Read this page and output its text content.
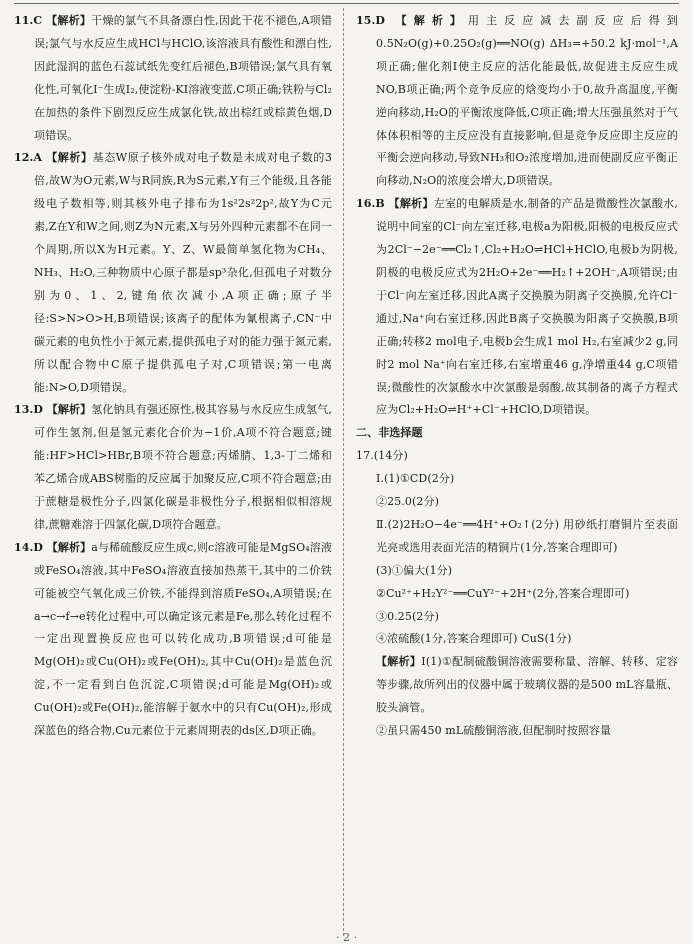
11.C 【解析】干燥的氯气不具备漂白性,因此干花不褪色,A项错误;氯气与水反应生成HCl与HClO,该溶液具有酸性和漂白性,因此湿润的蓝色石蕊试纸先变红后褪色,B项错误;氯气具有氧化性,可氧化I⁻生成I₂,使淀粉-KI溶液变蓝,C项正确;铁粉与Cl₂在加热的条件下剧烈反应生成氯化铁,故出棕红或棕黄色烟,D项错误。

12.A 【解析】基态W原子核外成对电子数是未成对电子数的3倍,故W为O元素,W与R同族,R为S元素,Y有三个能级,且各能级电子数相等,则其核外电子排布为1s²2s²2p²,故Y为C元素,Z在Y和W之间,则Z为N元素,X与另外四种元素都不在同一个周期,所以X为H元素。Y、Z、W最简单氢化物为CH₄、NH₃、H₂O,三种物质中心原子都是sp³杂化,但孤电子对数分别为0、1、2,键角依次减小,A项正确;原子半径:S>N>O>H,B项错误;该离子的配体为氰根离子,CN⁻中碳元素的电负性小于氮元素,提供孤电子对的能力强于氮元素,所以配合物中C原子提供孤电子对,C项错误;第一电离能:N>O,D项错误。

13.D 【解析】氢化钠具有强还原性,极其容易与水反应生成氢气,可作生氢剂,但是氢元素化合价为−1价,A项不符合题意;键能:HF>HCl>HBr,B项不符合题意;丙烯腈、1,3-丁二烯和苯乙烯合成ABS树脂的反应属于加聚反应,C项不符合题意;由于蔗糖是极性分子,四氯化碳是非极性分子,根据相似相溶规律,蔗糖难溶于四氯化碳,D项符合题意。

14.D 【解析】a与稀硫酸反应生成c,则c溶液可能是MgSO₄溶液或FeSO₄溶液,其中FeSO₄溶液直接加热蒸干,其中的二价铁可能被空气氧化成三价铁,不能得到溶质FeSO₄,A项错误;在a→c→f→e转化过程中,可以确定该元素是Fe,那么转化过程不一定出现置换反应也可以转化成功,B项错误;d可能是Mg(OH)₂或Cu(OH)₂或Fe(OH)₂,其中Cu(OH)₂是蓝色沉淀,不一定看到白色沉淀,C项错误;d可能是Mg(OH)₂或Cu(OH)₂或Fe(OH)₂,能溶解于氨水中的只有Cu(OH)₂,形成深蓝色的络合物,Cu元素位于元素周期表的ds区,D项正确。

15.D 【解析】用主反应减去副反应后得到0.5N₂O(g)+0.25O₂(g)══NO(g) ΔH₃=+50.2 kJ·mol⁻¹,A项正确;催化剂Ⅰ使主反应的活化能最低,故促进主反应生成NO,B项正确;两个竞争反应的焓变均小于0,故升高温度,平衡逆向移动,H₂O的平衡浓度降低,C项正确;增大压强虽然对于气体体积相等的主反应没有直接影响,但是竞争反应即主反应的平衡会逆向移动,导致NH₃和O₂浓度增加,进而使副反应平衡正向移动,N₂O的浓度会增大,D项错误。

16.B 【解析】左室的电解质是水,制备的产品是微酸性次氯酸水,说明中间室的Cl⁻向左室迁移,电极a为阳极,阳极的电极反应式为2Cl⁻−2e⁻══Cl₂↑,Cl₂+H₂O⇌HCl+HClO,电极b为阴极,阴极的电极反应式为2H₂O+2e⁻══H₂↑+2OH⁻,A项错误;由于Cl⁻向左室迁移,因此A离子交换膜为阴离子交换膜,允许Cl⁻通过,Na⁺向右室迁移,因此B离子交换膜为阳离子交换膜,B项正确;转移2 mol电子,电极b会生成1 mol H₂,右室减少2 g,同时2 mol Na⁺向右室迁移,右室增重46 g,净增重44 g,C项错误;微酸性的次氯酸水中次氯酸是弱酸,故其制备的离子方程式应为Cl₂+H₂O⇌H⁺+Cl⁻+HClO,D项错误。

二、非选择题

17.(14分)

Ⅰ.(1)①CD(2分)

②25.0(2分)

Ⅱ.(2)2H₂O−4e⁻══4H⁺+O₂↑(2分) 用砂纸打磨铜片至表面光亮或选用表面光洁的精铜片(1分,答案合理即可)

(3)①偏大(1分)

②Cu²⁺+H₂Y²⁻══CuY²⁻+2H⁺(2分,答案合理即可)

③0.25(2分)

④浓硫酸(1分,答案合理即可) CuS(1分)

【解析】Ⅰ(1)①配制硫酸铜溶液需要称量、溶解、转移、定容等步骤,故所列出的仪器中属于玻璃仪器的是500 mL容量瓶、胶头滴管。

②虽只需450 mL硫酸铜溶液,但配制时按照容量

· 2 ·
